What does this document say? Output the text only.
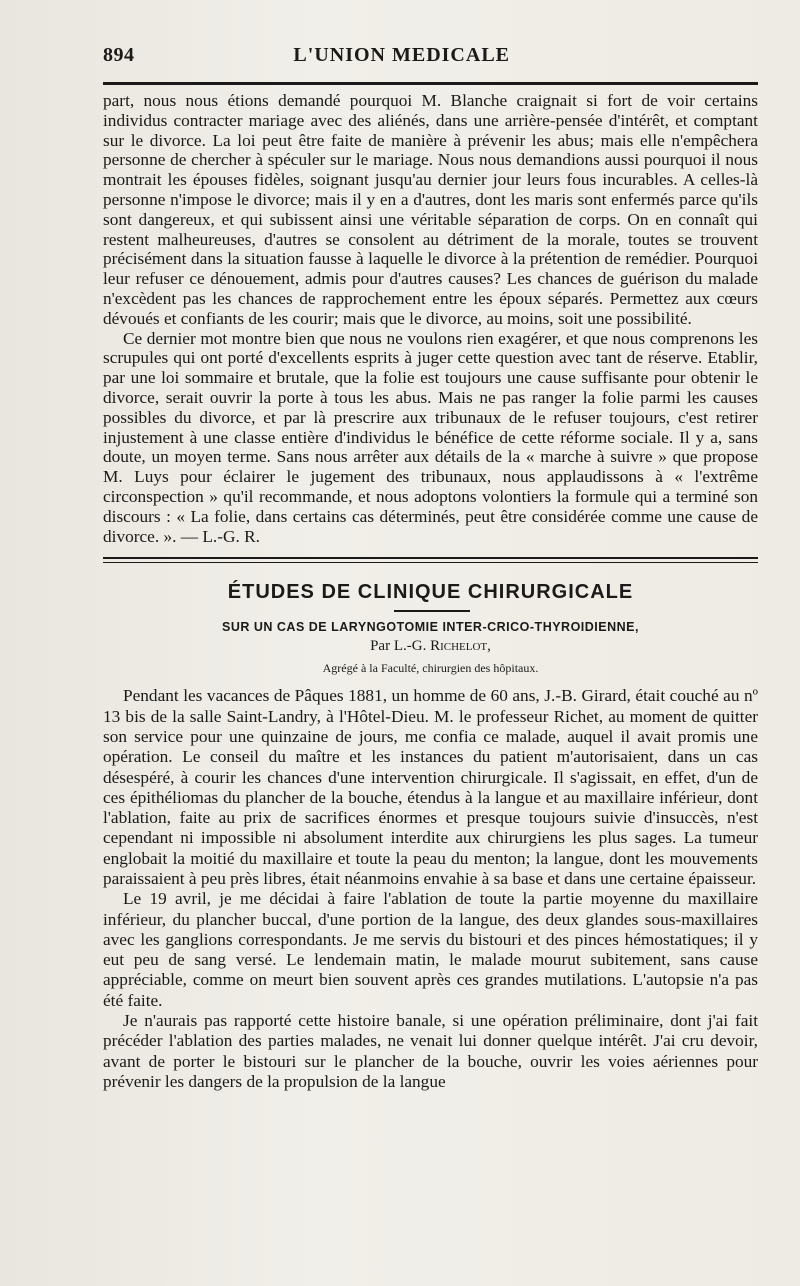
894	L'UNION MEDICALE

part, nous nous étions demandé pourquoi M. Blanche craignait si fort de voir certains individus contracter mariage avec des aliénés, dans une arrière-pensée d'intérêt, et comptant sur le divorce. La loi peut être faite de manière à prévenir les abus; mais elle n'empêchera personne de chercher à spéculer sur le mariage. Nous nous demandions aussi pourquoi il nous montrait les épouses fidèles, soignant jusqu'au dernier jour leurs fous incurables. A celles-là personne n'impose le divorce; mais il y en a d'autres, dont les maris sont enfermés parce qu'ils sont dangereux, et qui subissent ainsi une véritable séparation de corps. On en connaît qui restent malheureuses, d'autres se consolent au détriment de la morale, toutes se trouvent précisément dans la situation fausse à laquelle le divorce à la prétention de remédier. Pourquoi leur refuser ce dénouement, admis pour d'autres causes? Les chances de guérison du malade n'excèdent pas les chances de rapprochement entre les époux séparés. Permettez aux cœurs dévoués et confiants de les courir; mais que le divorce, au moins, soit une possibilité.

Ce dernier mot montre bien que nous ne voulons rien exagérer, et que nous comprenons les scrupules qui ont porté d'excellents esprits à juger cette question avec tant de réserve. Etablir, par une loi sommaire et brutale, que la folie est toujours une cause suffisante pour obtenir le divorce, serait ouvrir la porte à tous les abus. Mais ne pas ranger la folie parmi les causes possibles du divorce, et par là prescrire aux tribunaux de le refuser toujours, c'est retirer injustement à une classe entière d'individus le bénéfice de cette réforme sociale. Il y a, sans doute, un moyen terme. Sans nous arrêter aux détails de la « marche à suivre » que propose M. Luys pour éclairer le jugement des tribunaux, nous applaudissons à « l'extrême circonspection » qu'il recommande, et nous adoptons volontiers la formule qui a terminé son discours : « La folie, dans certains cas déterminés, peut être considérée comme une cause de divorce. ». — L.-G. R.

ÉTUDES DE CLINIQUE CHIRURGICALE
SUR UN CAS DE LARYNGOTOMIE INTER-CRICO-THYROIDIENNE,
Par L.-G. Richelot,
Agrégé à la Faculté, chirurgien des hôpitaux.

Pendant les vacances de Pâques 1881, un homme de 60 ans, J.-B. Girard, était couché au nº 13 bis de la salle Saint-Landry, à l'Hôtel-Dieu. M. le professeur Richet, au moment de quitter son service pour une quinzaine de jours, me confia ce malade, auquel il avait promis une opération. Le conseil du maître et les instances du patient m'autorisaient, dans un cas désespéré, à courir les chances d'une intervention chirurgicale. Il s'agissait, en effet, d'un de ces épithéliomas du plancher de la bouche, étendus à la langue et au maxillaire inférieur, dont l'ablation, faite au prix de sacrifices énormes et presque toujours suivie d'insuccès, n'est cependant ni impossible ni absolument interdite aux chirurgiens les plus sages. La tumeur englobait la moitié du maxillaire et toute la peau du menton; la langue, dont les mouvements paraissaient à peu près libres, était néanmoins envahie à sa base et dans une certaine épaisseur.

Le 19 avril, je me décidai à faire l'ablation de toute la partie moyenne du maxillaire inférieur, du plancher buccal, d'une portion de la langue, des deux glandes sous-maxillaires avec les ganglions correspondants. Je me servis du bistouri et des pinces hémostatiques; il y eut peu de sang versé. Le lendemain matin, le malade mourut subitement, sans cause appréciable, comme on meurt bien souvent après ces grandes mutilations. L'autopsie n'a pas été faite.

Je n'aurais pas rapporté cette histoire banale, si une opération préliminaire, dont j'ai fait précéder l'ablation des parties malades, ne venait lui donner quelque intérêt. J'ai cru devoir, avant de porter le bistouri sur le plancher de la bouche, ouvrir les voies aériennes pour prévenir les dangers de la propulsion de la langue
